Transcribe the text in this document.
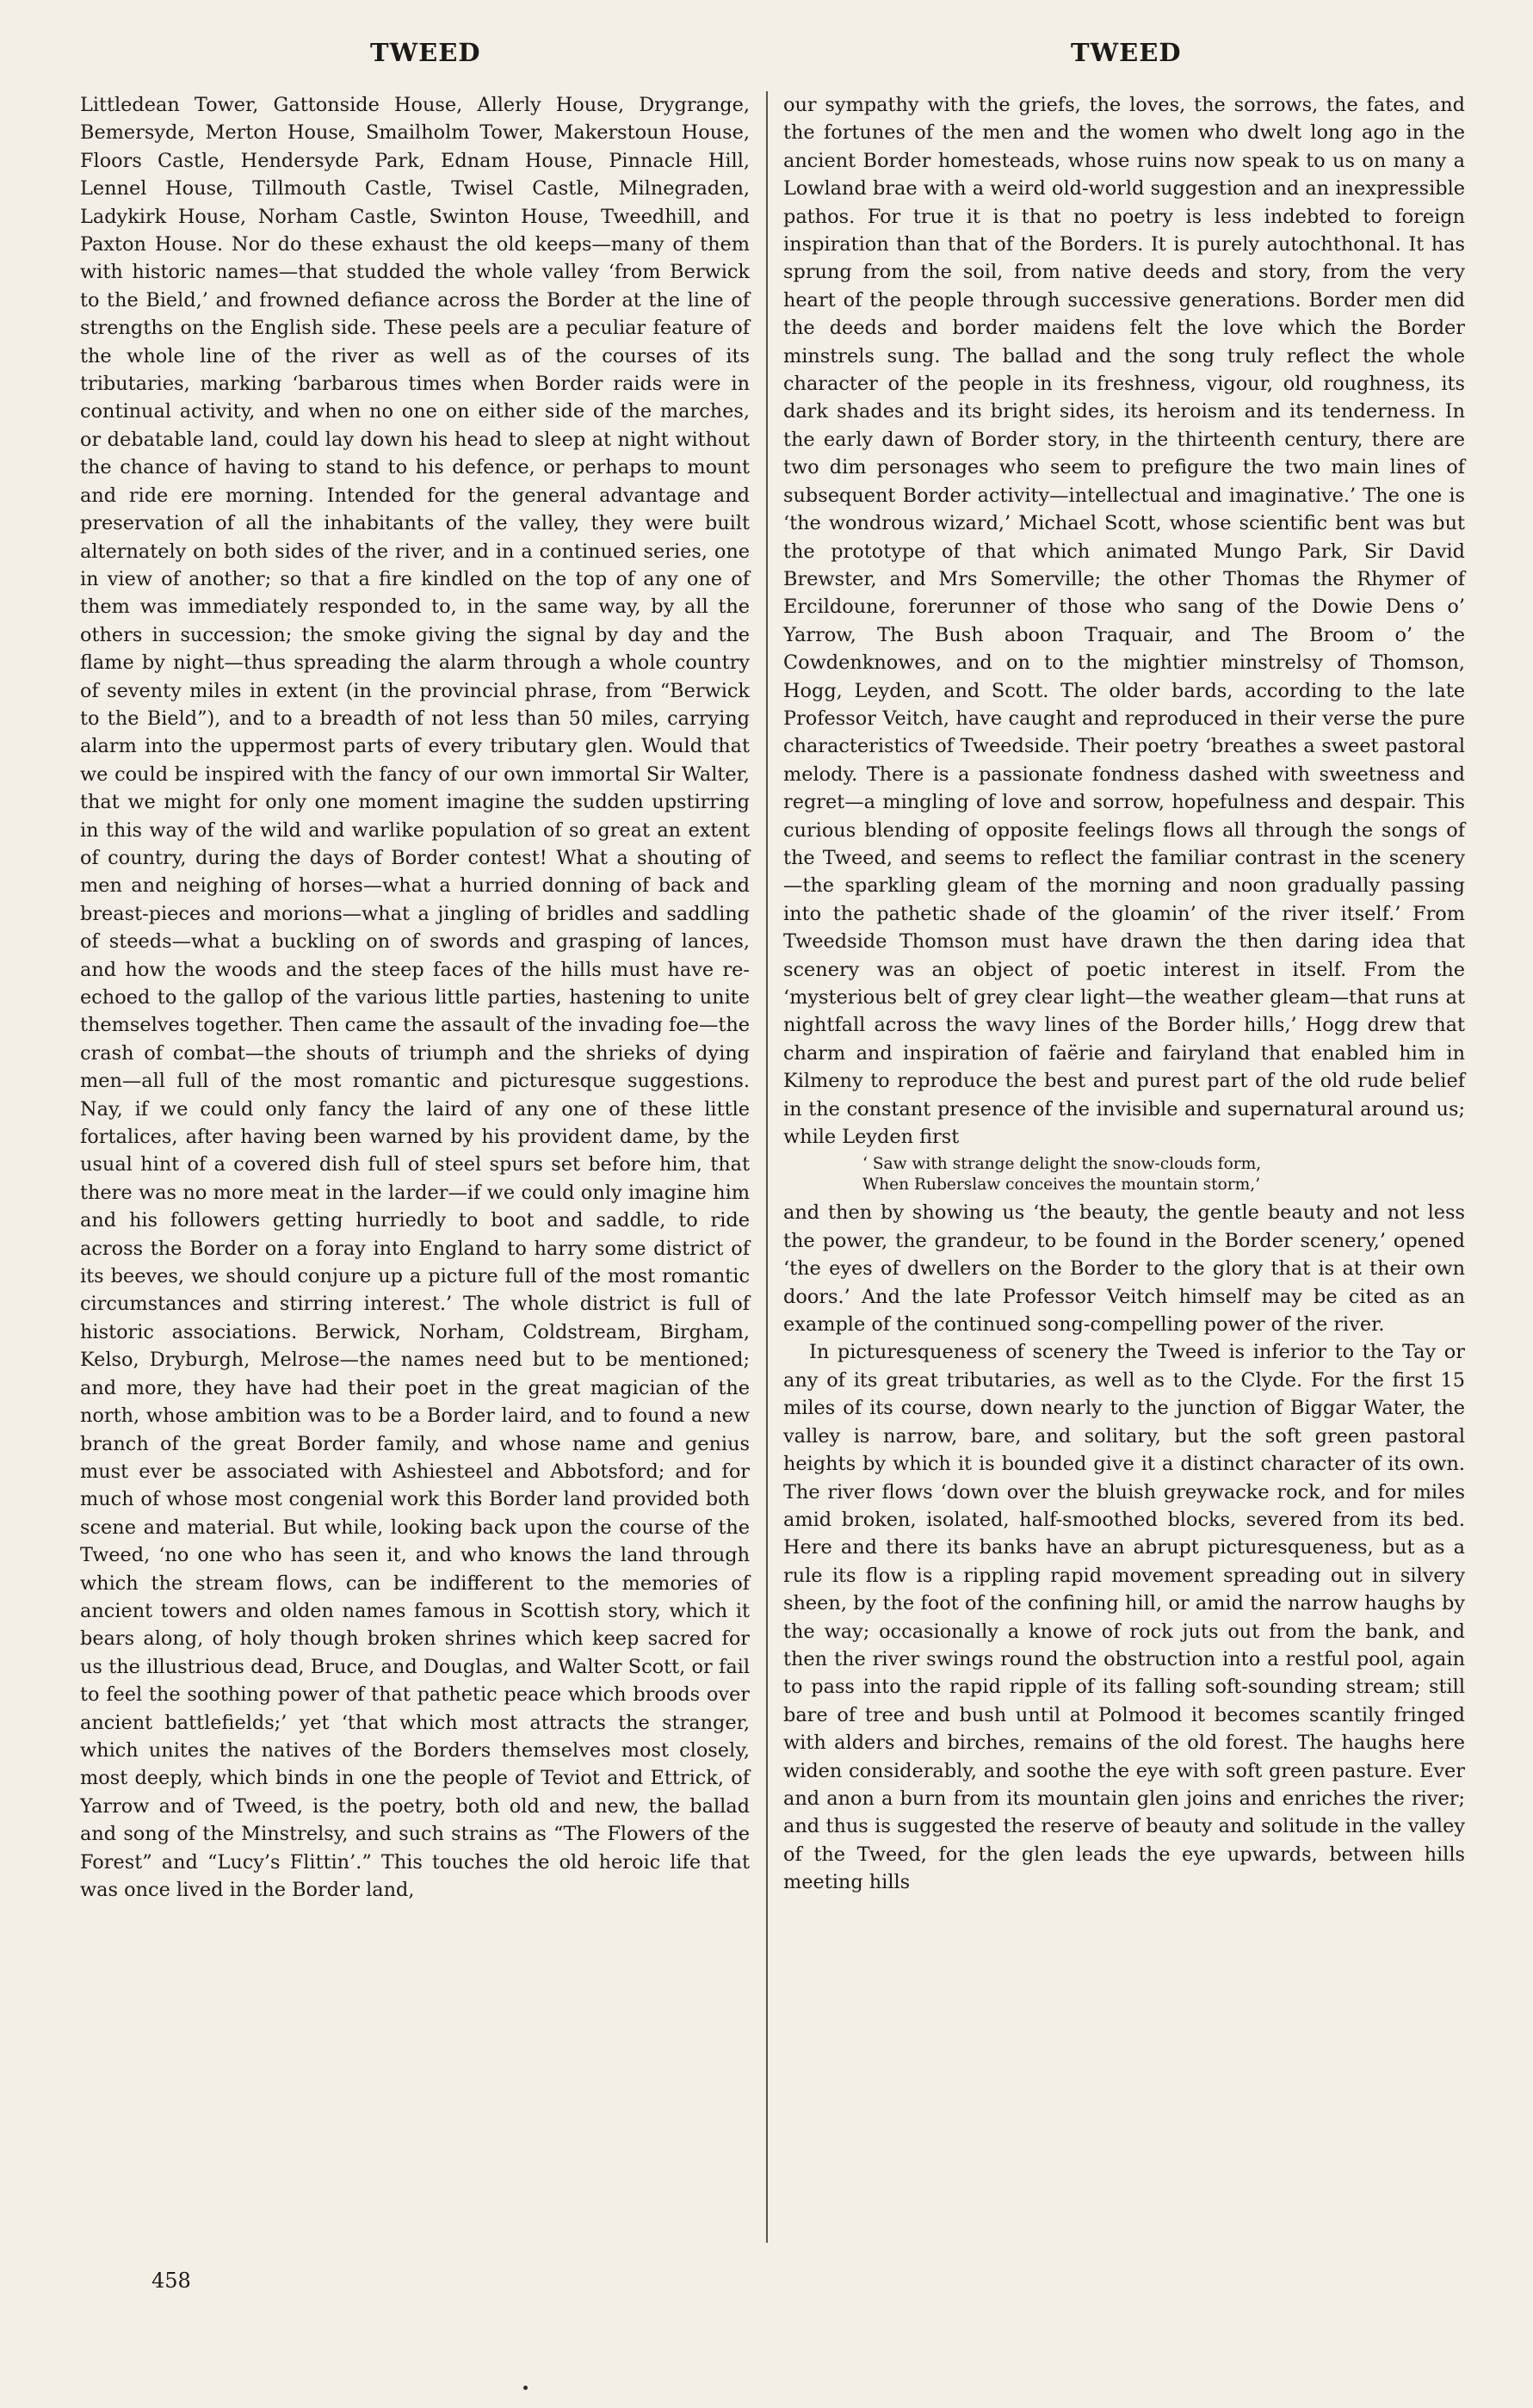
TWEED	TWEED

Littledean Tower, Gattonside House, Allerly House, Drygrange, Bemersyde, Merton House, Smailholm Tower, Makerstoun House, Floors Castle, Hendersyde Park, Ednam House, Pinnacle Hill, Lennel House, Tillmouth Castle, Twisel Castle, Milnegraden, Ladykirk House, Norham Castle, Swinton House, Tweedhill, and Paxton House. Nor do these exhaust the old keeps—many of them with historic names—that studded the whole valley ‘from Berwick to the Bield,’ and frowned defiance across the Border at the line of strengths on the English side. These peels are a peculiar feature of the whole line of the river as well as of the courses of its tributaries, marking ‘barbarous times when Border raids were in continual activity, and when no one on either side of the marches, or debatable land, could lay down his head to sleep at night without the chance of having to stand to his defence, or perhaps to mount and ride ere morning. Intended for the general advantage and preservation of all the inhabitants of the valley, they were built alternately on both sides of the river, and in a continued series, one in view of another; so that a fire kindled on the top of any one of them was immediately responded to, in the same way, by all the others in succession; the smoke giving the signal by day and the flame by night—thus spreading the alarm through a whole country of seventy miles in extent (in the provincial phrase, from “Berwick to the Bield”), and to a breadth of not less than 50 miles, carrying alarm into the uppermost parts of every tributary glen. Would that we could be inspired with the fancy of our own immortal Sir Walter, that we might for only one moment imagine the sudden upstirring in this way of the wild and warlike population of so great an extent of country, during the days of Border contest! What a shouting of men and neighing of horses—what a hurried donning of back and breast-pieces and morions—what a jingling of bridles and saddling of steeds—what a buckling on of swords and grasping of lances, and how the woods and the steep faces of the hills must have re-echoed to the gallop of the various little parties, hastening to unite themselves together. Then came the assault of the invading foe—the crash of combat—the shouts of triumph and the shrieks of dying men—all full of the most romantic and picturesque suggestions. Nay, if we could only fancy the laird of any one of these little fortalices, after having been warned by his provident dame, by the usual hint of a covered dish full of steel spurs set before him, that there was no more meat in the larder—if we could only imagine him and his followers getting hurriedly to boot and saddle, to ride across the Border on a foray into England to harry some district of its beeves, we should conjure up a picture full of the most romantic circumstances and stirring interest.’ The whole district is full of historic associations. Berwick, Norham, Coldstream, Birgham, Kelso, Dryburgh, Melrose—the names need but to be mentioned; and more, they have had their poet in the great magician of the north, whose ambition was to be a Border laird, and to found a new branch of the great Border family, and whose name and genius must ever be associated with Ashiesteel and Abbotsford; and for much of whose most congenial work this Border land provided both scene and material. But while, looking back upon the course of the Tweed, ‘no one who has seen it, and who knows the land through which the stream flows, can be indifferent to the memories of ancient towers and olden names famous in Scottish story, which it bears along, of holy though broken shrines which keep sacred for us the illustrious dead, Bruce, and Douglas, and Walter Scott, or fail to feel the soothing power of that pathetic peace which broods over ancient battlefields;’ yet ‘that which most attracts the stranger, which unites the natives of the Borders themselves most closely, most deeply, which binds in one the people of Teviot and Ettrick, of Yarrow and of Tweed, is the poetry, both old and new, the ballad and song of the Minstrelsy, and such strains as “The Flowers of the Forest” and “Lucy’s Flittin’.” This touches the old heroic life that was once lived in the Border land,

our sympathy with the griefs, the loves, the sorrows, the fates, and the fortunes of the men and the women who dwelt long ago in the ancient Border homesteads, whose ruins now speak to us on many a Lowland brae with a weird old-world suggestion and an inexpressible pathos. For true it is that no poetry is less indebted to foreign inspiration than that of the Borders. It is purely autochthonal. It has sprung from the soil, from native deeds and story, from the very heart of the people through successive generations. Border men did the deeds and border maidens felt the love which the Border minstrels sung. The ballad and the song truly reflect the whole character of the people in its freshness, vigour, old roughness, its dark shades and its bright sides, its heroism and its tenderness. In the early dawn of Border story, in the thirteenth century, there are two dim personages who seem to prefigure the two main lines of subsequent Border activity—intellectual and imaginative.’ The one is ‘the wondrous wizard,’ Michael Scott, whose scientific bent was but the prototype of that which animated Mungo Park, Sir David Brewster, and Mrs Somerville; the other Thomas the Rhymer of Ercildoune, forerunner of those who sang of the Dowie Dens o’ Yarrow, The Bush aboon Traquair, and The Broom o’ the Cowdenknowes, and on to the mightier minstrelsy of Thomson, Hogg, Leyden, and Scott. The older bards, according to the late Professor Veitch, have caught and reproduced in their verse the pure characteristics of Tweedside. Their poetry ‘breathes a sweet pastoral melody. There is a passionate fondness dashed with sweetness and regret—a mingling of love and sorrow, hopefulness and despair. This curious blending of opposite feelings flows all through the songs of the Tweed, and seems to reflect the familiar contrast in the scenery—the sparkling gleam of the morning and noon gradually passing into the pathetic shade of the gloamin’ of the river itself.’ From Tweedside Thomson must have drawn the then daring idea that scenery was an object of poetic interest in itself. From the ‘mysterious belt of grey clear light—the weather gleam—that runs at nightfall across the wavy lines of the Border hills,’ Hogg drew that charm and inspiration of faërie and fairyland that enabled him in Kilmeny to reproduce the best and purest part of the old rude belief in the constant presence of the invisible and supernatural around us; while Leyden first

‘ Saw with strange delight the snow-clouds form,
When Ruberslaw conceives the mountain storm,’

and then by showing us ‘the beauty, the gentle beauty and not less the power, the grandeur, to be found in the Border scenery,’ opened ‘the eyes of dwellers on the Border to the glory that is at their own doors.’ And the late Professor Veitch himself may be cited as an example of the continued song-compelling power of the river.

In picturesqueness of scenery the Tweed is inferior to the Tay or any of its great tributaries, as well as to the Clyde. For the first 15 miles of its course, down nearly to the junction of Biggar Water, the valley is narrow, bare, and solitary, but the soft green pastoral heights by which it is bounded give it a distinct character of its own. The river flows ‘down over the bluish greywacke rock, and for miles amid broken, isolated, half-smoothed blocks, severed from its bed. Here and there its banks have an abrupt picturesqueness, but as a rule its flow is a rippling rapid movement spreading out in silvery sheen, by the foot of the confining hill, or amid the narrow haughs by the way; occasionally a knowe of rock juts out from the bank, and then the river swings round the obstruction into a restful pool, again to pass into the rapid ripple of its falling soft-sounding stream; still bare of tree and bush until at Polmood it becomes scantily fringed with alders and birches, remains of the old forest. The haughs here widen considerably, and soothe the eye with soft green pasture. Ever and anon a burn from its mountain glen joins and enriches the river; and thus is suggested the reserve of beauty and solitude in the valley of the Tweed, for the glen leads the eye upwards, between hills meeting hills

458
